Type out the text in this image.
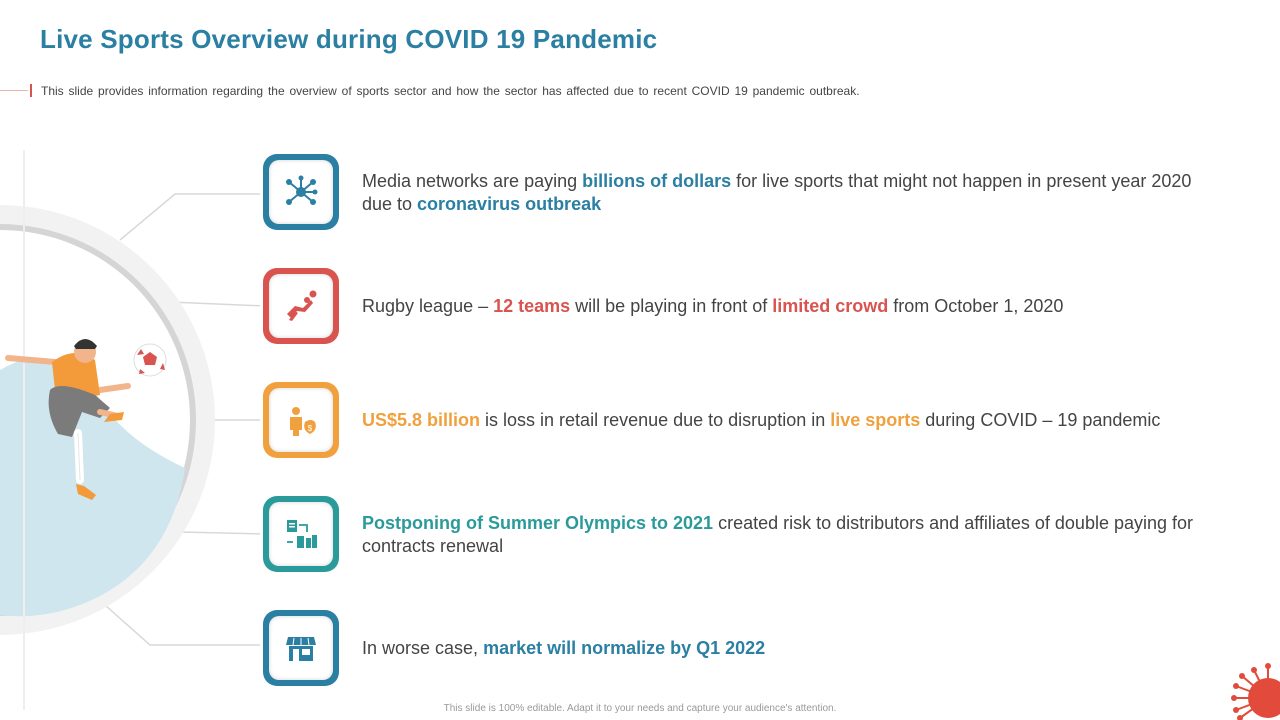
Live Sports Overview during COVID 19 Pandemic
This slide provides information regarding the overview of sports sector and how the sector has affected due to recent COVID 19 pandemic outbreak.
Media networks are paying billions of dollars for live sports that might not happen in present year 2020 due to coronavirus outbreak
Rugby league – 12 teams will be playing in front of limited crowd from October 1, 2020
$	US$5.8 billion is loss in retail revenue due to disruption in live sports during COVID – 19 pandemic
Postponing of Summer Olympics to 2021 created risk to distributors and affiliates of double paying for contracts renewal
In worse case, market will normalize by Q1 2022
This slide is 100% editable. Adapt it to your needs and capture your audience's attention.
